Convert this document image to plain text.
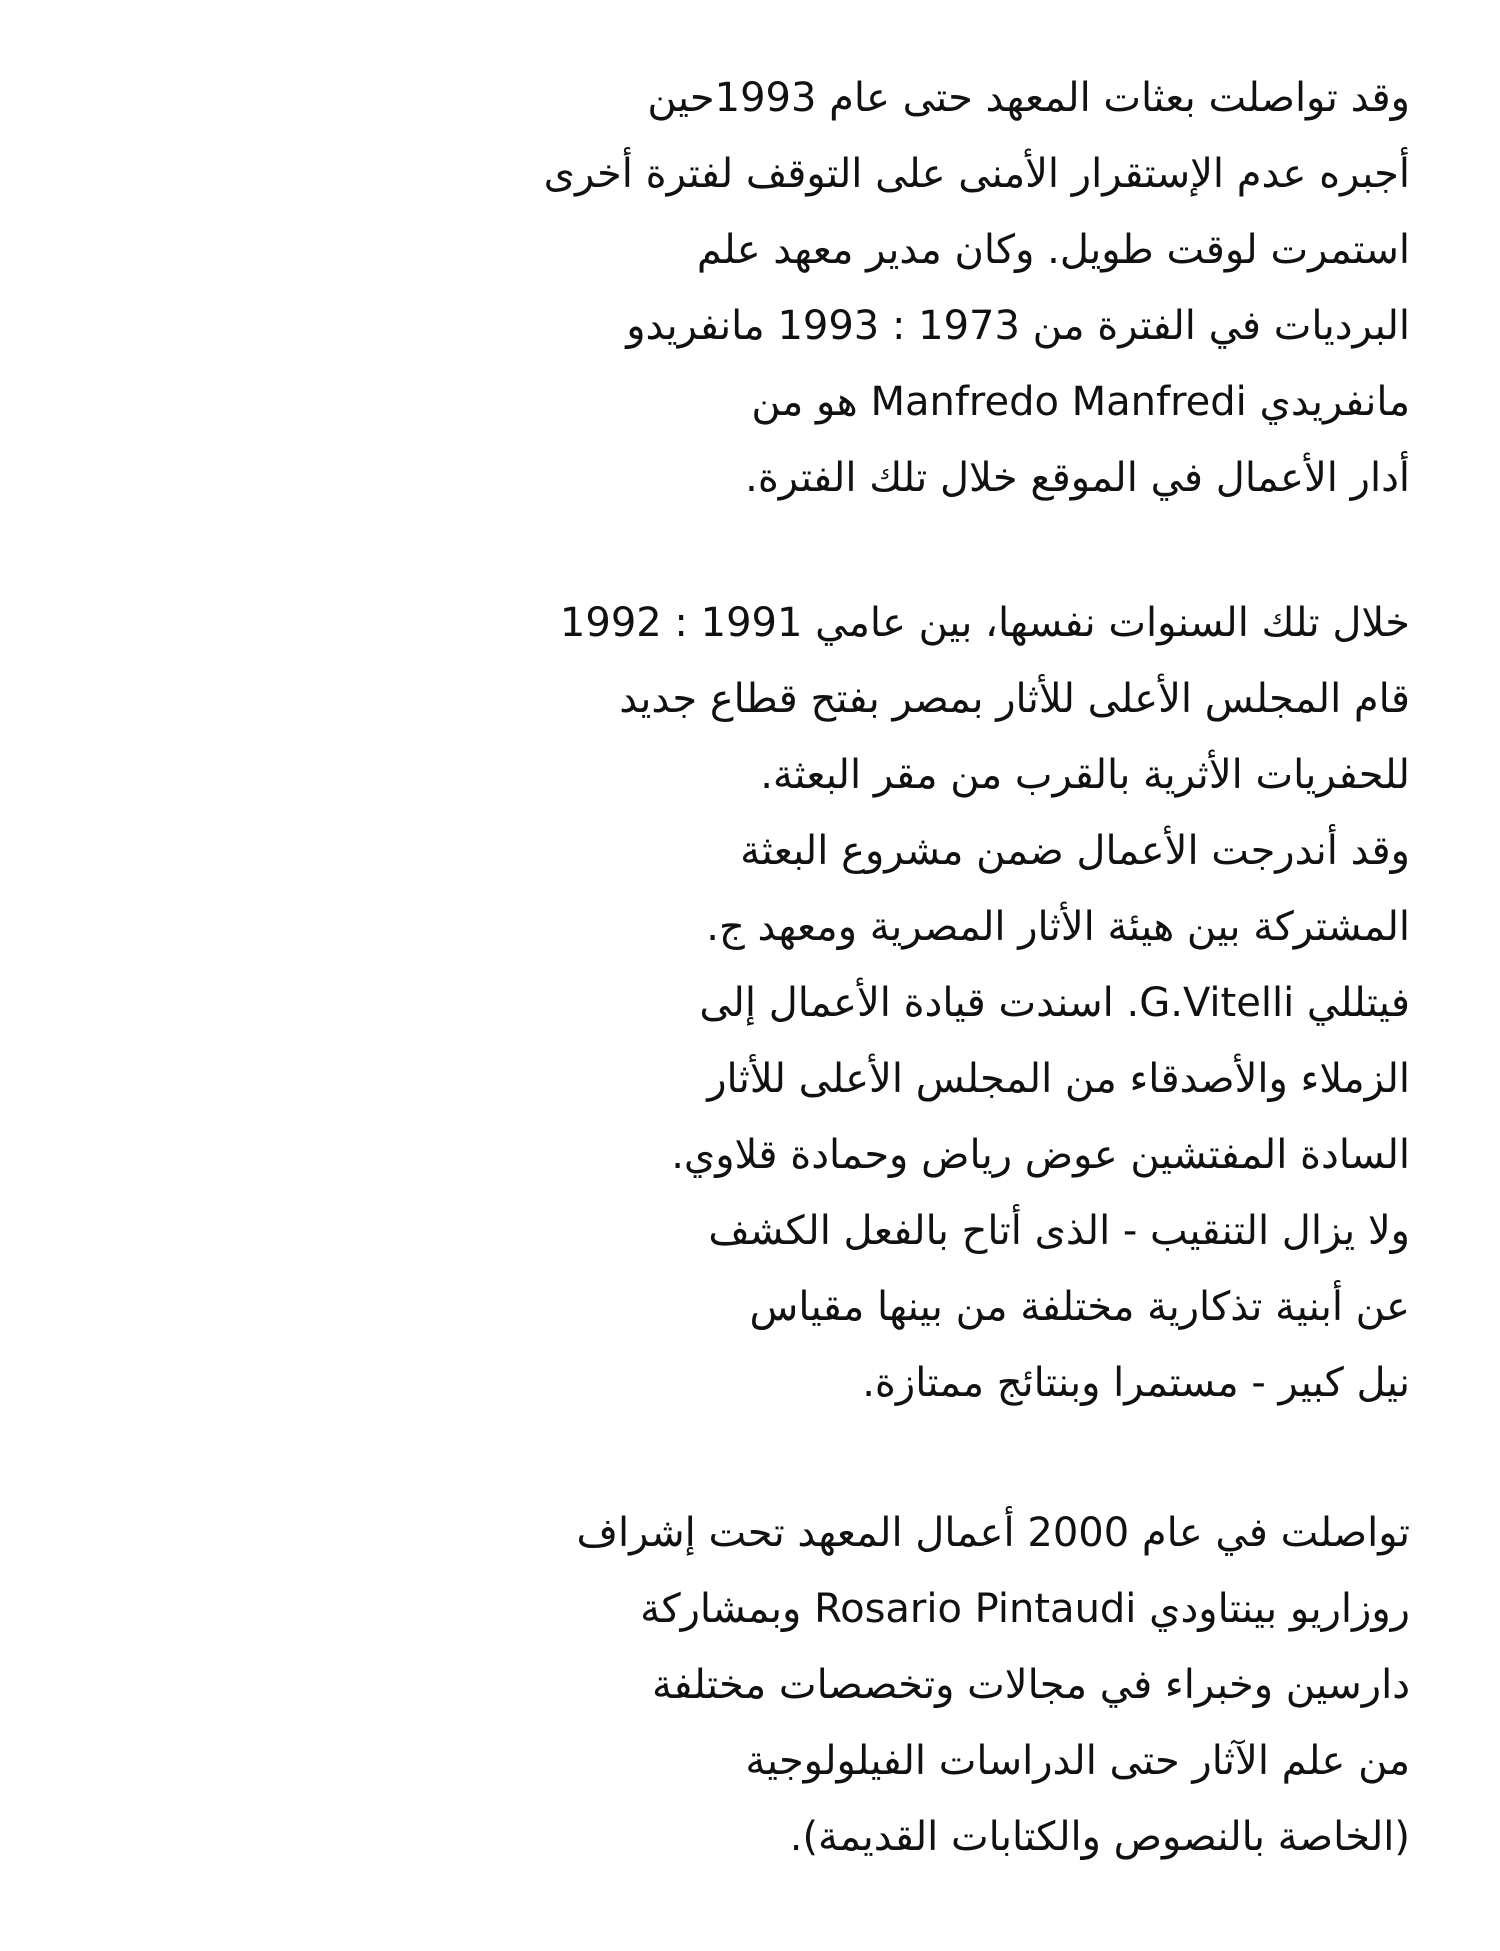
وقد تواصلت بعثات المعهد حتى عام 1993حين
أجبره عدم الإستقرار الأمنى على التوقف لفترة أخرى
استمرت لوقت طويل. وكان مدير معهد علم
البرديات في الفترة من 1973 : 1993 مانفريدو
مانفريدي Manfredo Manfredi هو من
أدار الأعمال في الموقع خلال تلك الفترة.
خلال تلك السنوات نفسها، بين عامي 1991 : 1992
قام المجلس الأعلى للأثار بمصر بفتح قطاع جديد
للحفريات الأثرية بالقرب من مقر البعثة.
وقد أندرجت الأعمال ضمن مشروع البعثة
المشتركة بين هيئة الأثار المصرية ومعهد ج.
فيتللي G.Vitelli. اسندت قيادة الأعمال إلى
الزملاء والأصدقاء من المجلس الأعلى للأثار
السادة المفتشين عوض رياض وحمادة قلاوي.
ولا يزال التنقيب - الذى أتاح بالفعل الكشف
عن أبنية تذكارية مختلفة من بينها مقياس
نيل كبير - مستمرا وبنتائج ممتازة.
تواصلت في عام 2000 أعمال المعهد تحت إشراف
روزاريو بينتاودي Rosario Pintaudi وبمشاركة
دارسين وخبراء في مجالات وتخصصات مختلفة
من علم الآثار حتى الدراسات الفيلولوجية
(الخاصة بالنصوص والكتابات القديمة).
